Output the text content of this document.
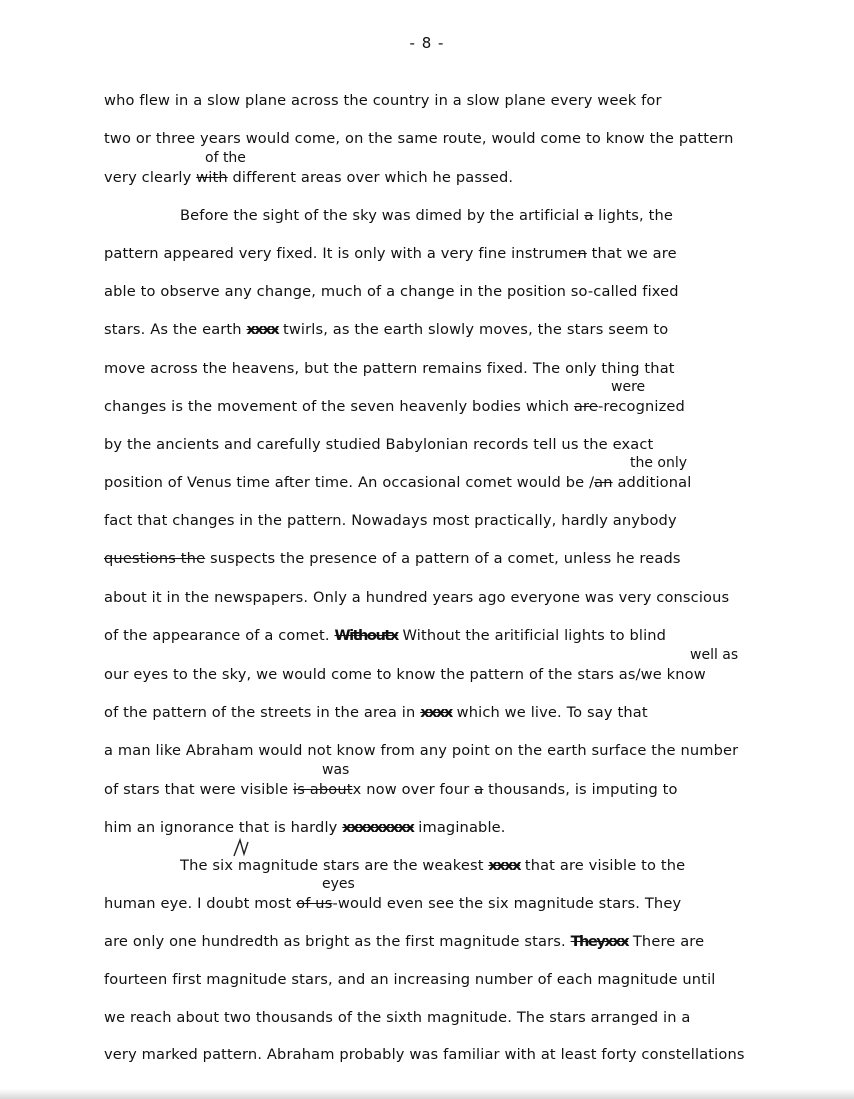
- 8 -
who flew in a slow plane across the country in a slow plane every week for
two or three years would come, on the same route, would come to know the pattern
of the
very clearly with different areas over which he passed.
Before the sight of the sky was dimed by the artificial a lights, the
pattern appeared very fixed. It is only with a very fine instrumen that we are
able to observe any change, much of a change in the position so-called fixed
stars. As the earth xxxx twirls, as the earth slowly moves, the stars seem to
move across the heavens, but the pattern remains fixed. The only thing that
were
changes is the movement of the seven heavenly bodies which are-recognized
by the ancients and carefully studied Babylonian records tell us the exact
the only
position of Venus time after time. An occasional comet would be /an additional
fact that changes in the pattern. Nowadays most practically, hardly anybody
questions the suspects the presence of a pattern of a comet, unless he reads
about it in the newspapers. Only a hundred years ago everyone was very conscious
of the appearance of a comet. Withoutx Without the aritificial lights to blind
well as
our eyes to the sky, we would come to know the pattern of the stars as/we know
of the pattern of the streets in the area in xxxx which we live. To say that
a man like Abraham would not know from any point on the earth surface the number
was
of stars that were visible is aboutx now over four a thousands, is imputing to
him an ignorance that is hardly xxxxxxxxx imaginable.
The six magnitude stars are the weakest xxxx that are visible to the
eyes
human eye. I doubt most of us-would even see the six magnitude stars. They
are only one hundredth as bright as the first magnitude stars. Theyxxx There are
fourteen first magnitude stars, and an increasing number of each magnitude until
we reach about two thousands of the sixth magnitude. The stars arranged in a
very marked pattern. Abraham probably was familiar with at least forty constellations
